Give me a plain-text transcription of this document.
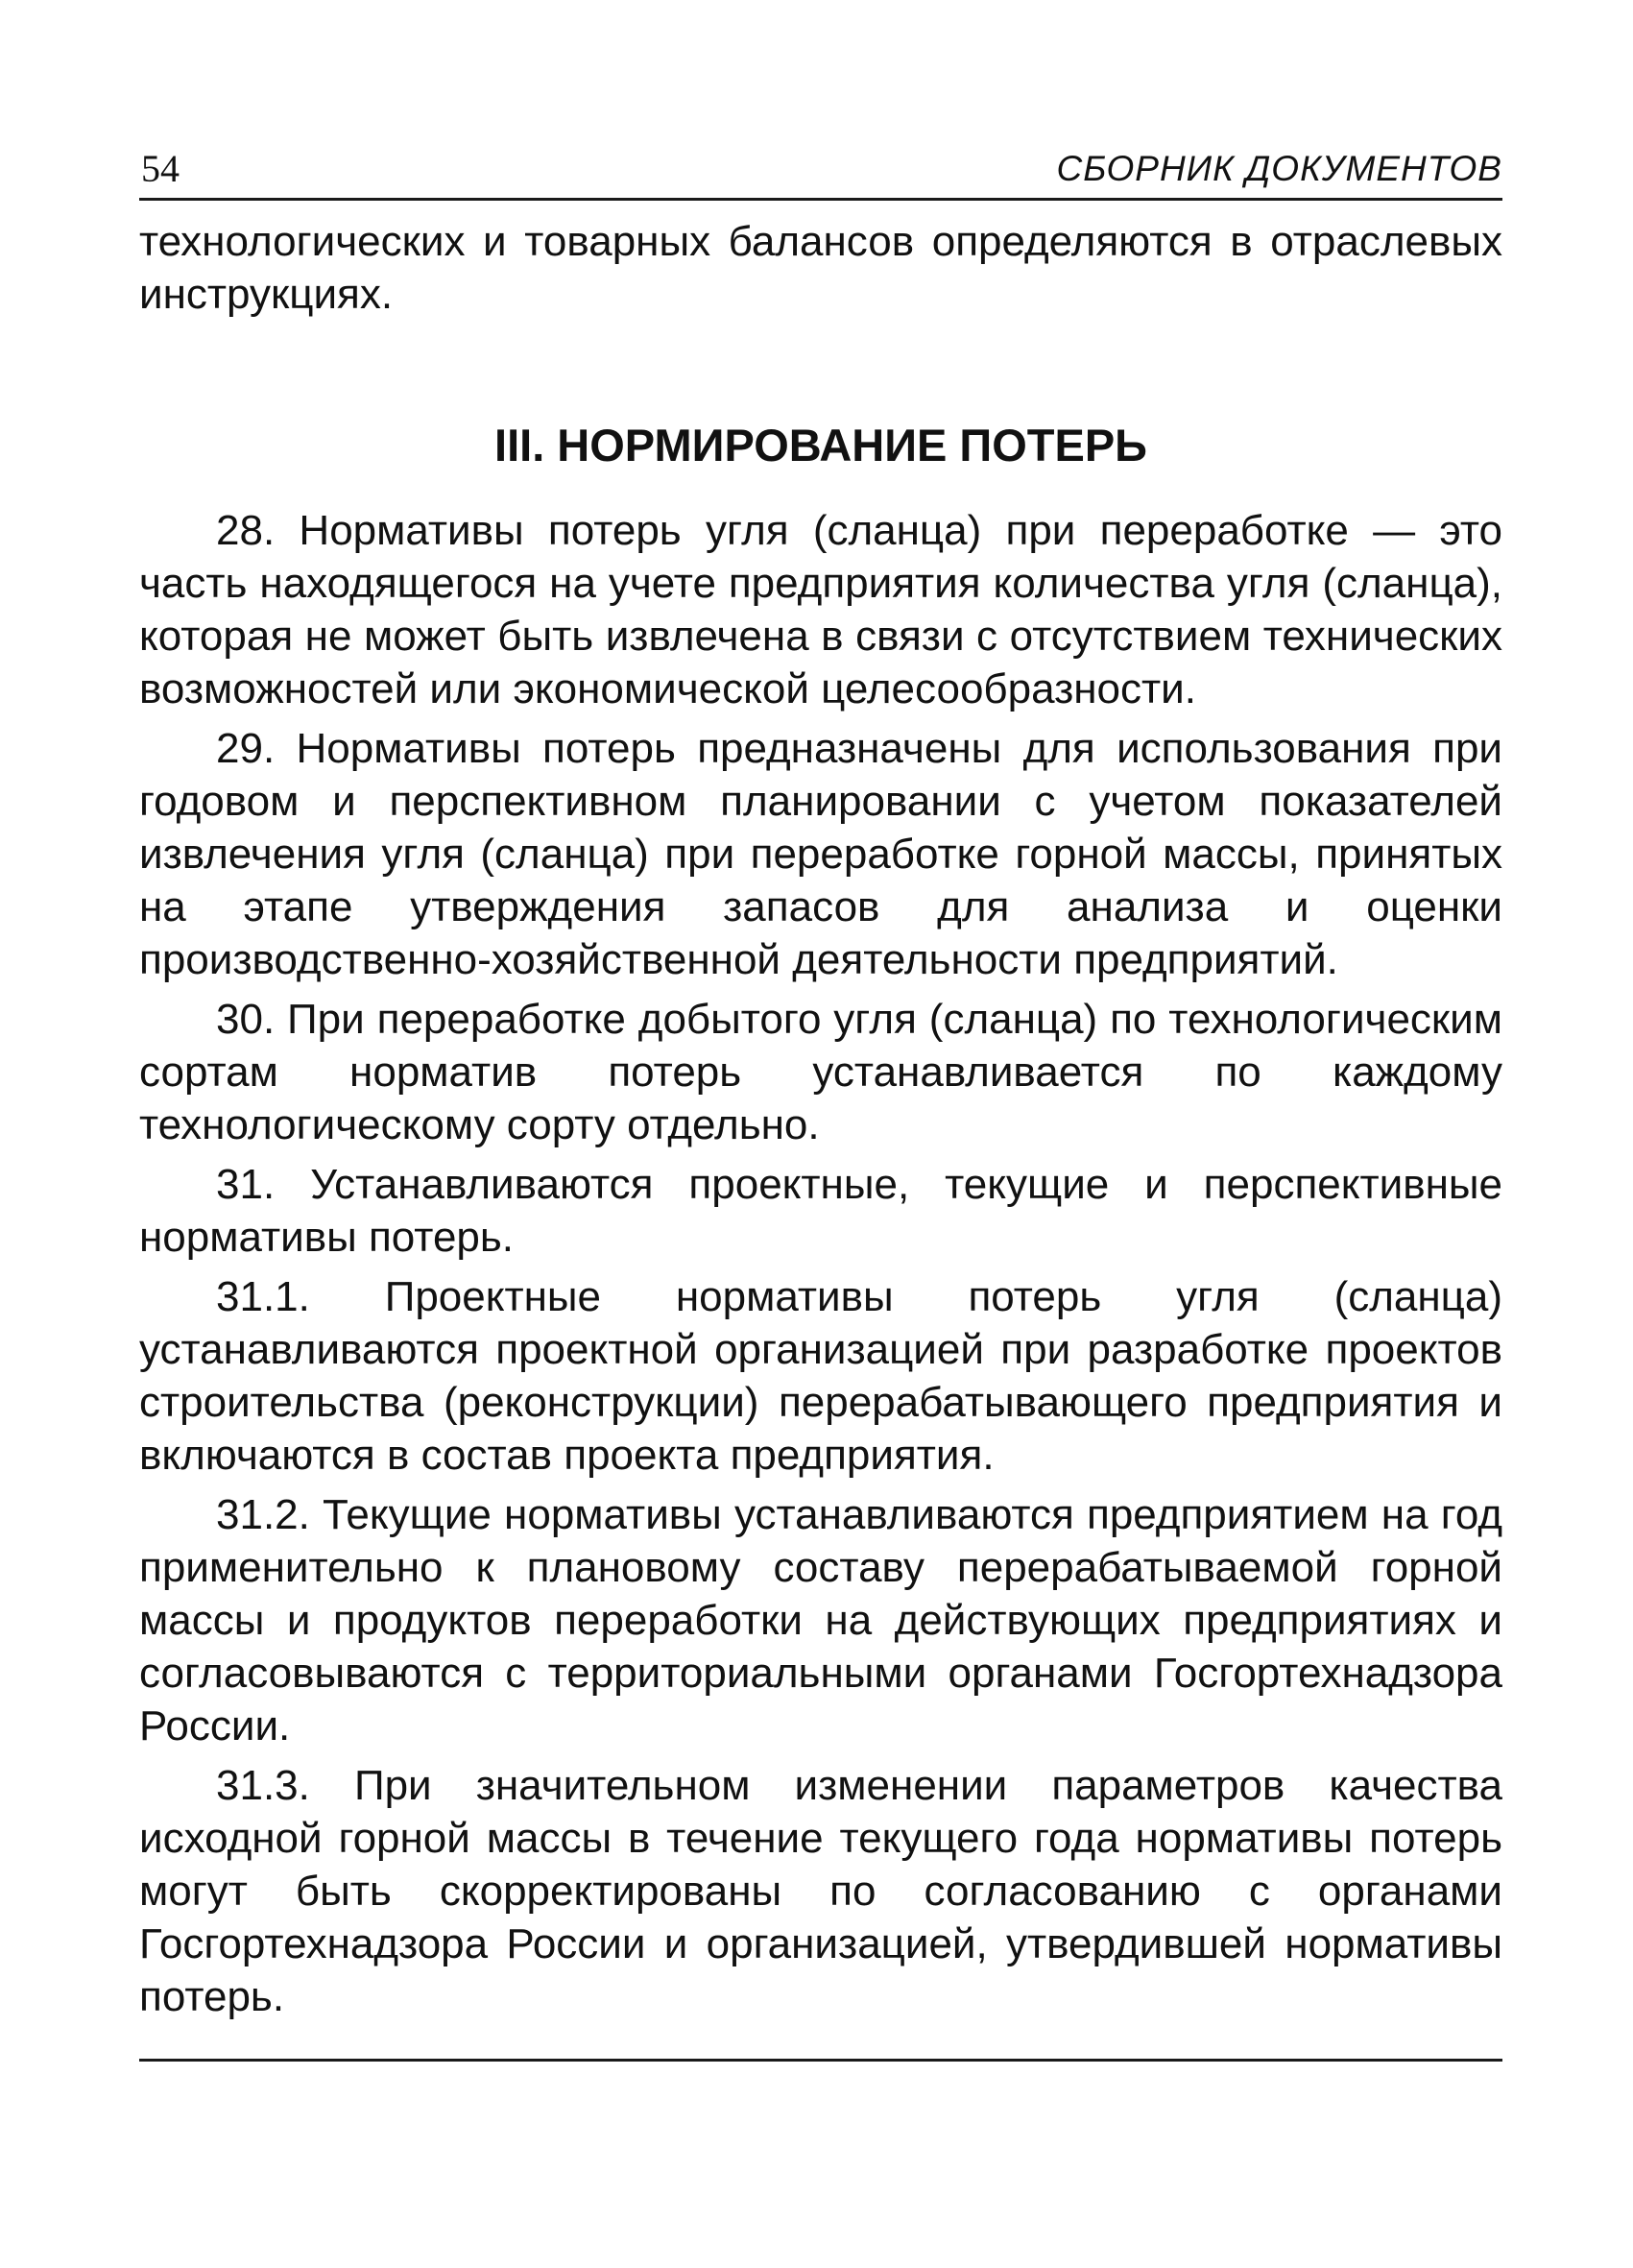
54	СБОРНИК ДОКУМЕНТОВ

технологических и товарных балансов определяются в отраслевых инструкциях.

III. НОРМИРОВАНИЕ ПОТЕРЬ

28. Нормативы потерь угля (сланца) при переработке — это часть находящегося на учете предприятия количества угля (сланца), которая не может быть извлечена в связи с отсутствием технических возможностей или экономической целесообразности.

29. Нормативы потерь предназначены для использования при годовом и перспективном планировании с учетом показателей извлечения угля (сланца) при переработке горной массы, принятых на этапе утверждения запасов для анализа и оценки производственно-хозяйственной деятельности предприятий.

30. При переработке добытого угля (сланца) по технологическим сортам норматив потерь устанавливается по каждому технологическому сорту отдельно.

31. Устанавливаются проектные, текущие и перспективные нормативы потерь.

31.1. Проектные нормативы потерь угля (сланца) устанавливаются проектной организацией при разработке проектов строительства (реконструкции) перерабатывающего предприятия и включаются в состав проекта предприятия.

31.2. Текущие нормативы устанавливаются предприятием на год применительно к плановому составу перерабатываемой горной массы и продуктов переработки на действующих предприятиях и согласовываются с территориальными органами Госгортехнадзора России.

31.3. При значительном изменении параметров качества исходной горной массы в течение текущего года нормативы потерь могут быть скорректированы по согласованию с органами Госгортехнадзора России и организацией, утвердившей нормативы потерь.
